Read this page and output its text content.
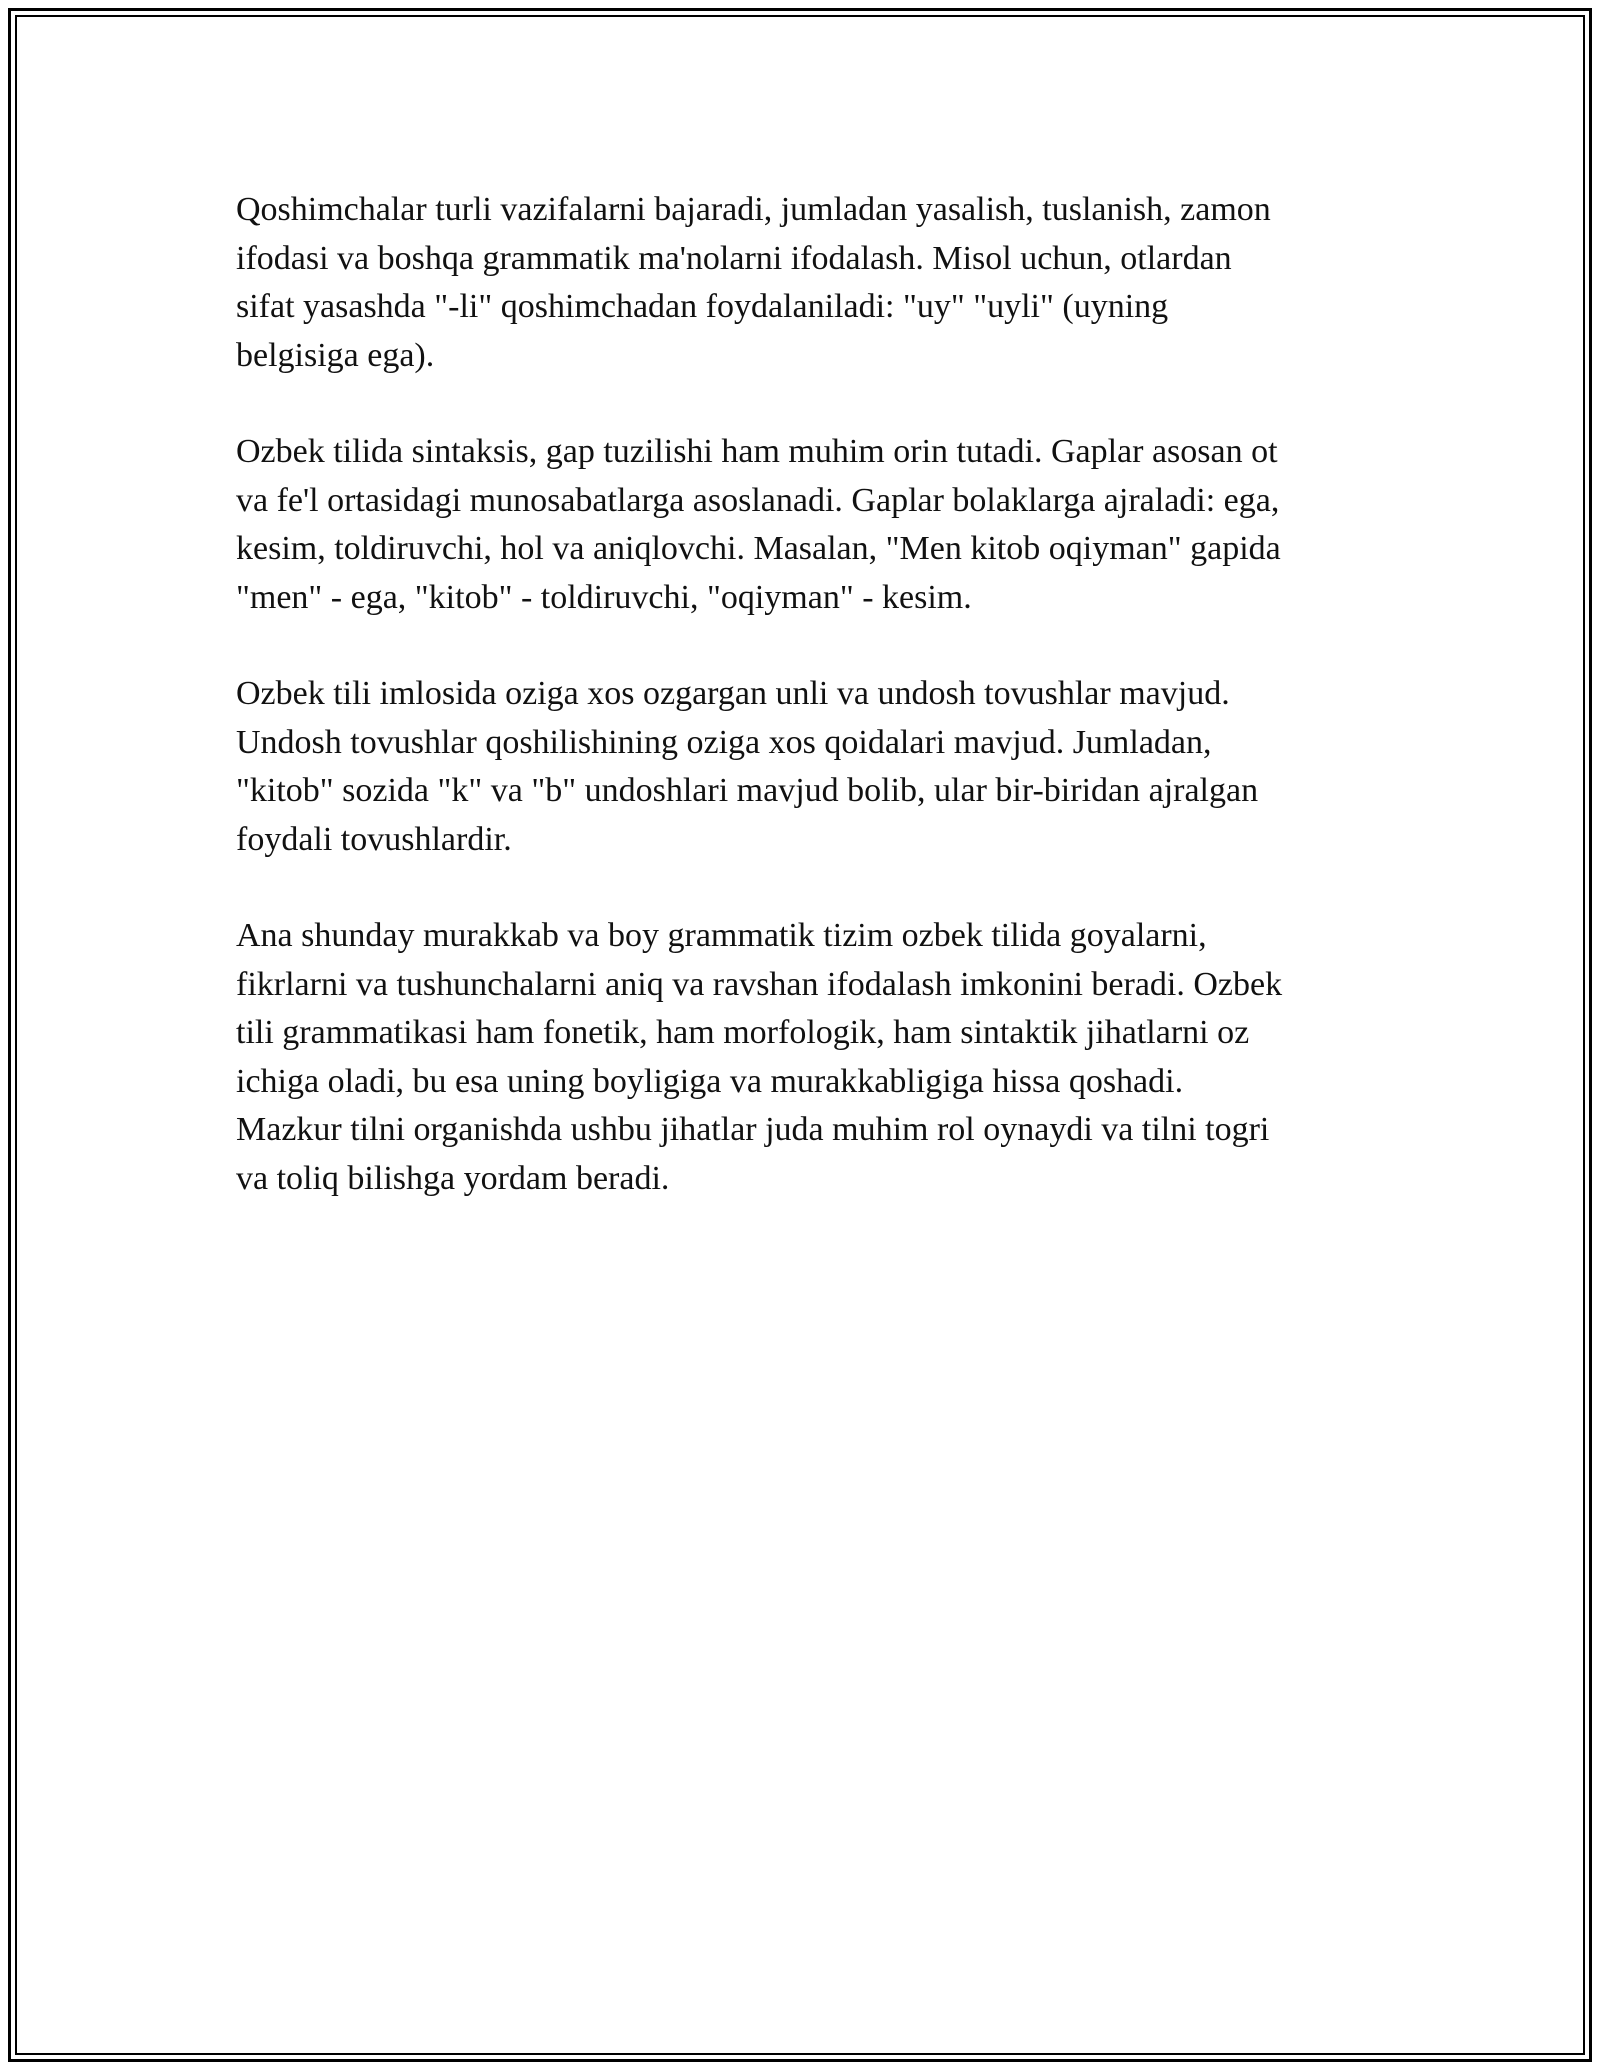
Qoshimchalar turli vazifalarni bajaradi, jumladan yasalish, tuslanish, zamon
ifodasi va boshqa grammatik ma'nolarni ifodalash. Misol uchun, otlardan
sifat yasashda "-li" qoshimchadan foydalaniladi: "uy" "uyli" (uyning
belgisiga ega).

Ozbek tilida sintaksis, gap tuzilishi ham muhim orin tutadi. Gaplar asosan ot
va fe'l ortasidagi munosabatlarga asoslanadi. Gaplar bolaklarga ajraladi: ega,
kesim, toldiruvchi, hol va aniqlovchi. Masalan, "Men kitob oqiyman" gapida
"men" - ega, "kitob" - toldiruvchi, "oqiyman" - kesim.

Ozbek tili imlosida oziga xos ozgargan unli va undosh tovushlar mavjud.
Undosh tovushlar qoshilishining oziga xos qoidalari mavjud. Jumladan,
"kitob" sozida "k" va "b" undoshlari mavjud bolib, ular bir-biridan ajralgan
foydali tovushlardir.

Ana shunday murakkab va boy grammatik tizim ozbek tilida goyalarni,
fikrlarni va tushunchalarni aniq va ravshan ifodalash imkonini beradi. Ozbek
tili grammatikasi ham fonetik, ham morfologik, ham sintaktik jihatlarni oz
ichiga oladi, bu esa uning boyligiga va murakkabligiga hissa qoshadi.
Mazkur tilni organishda ushbu jihatlar juda muhim rol oynaydi va tilni togri
va toliq bilishga yordam beradi.
